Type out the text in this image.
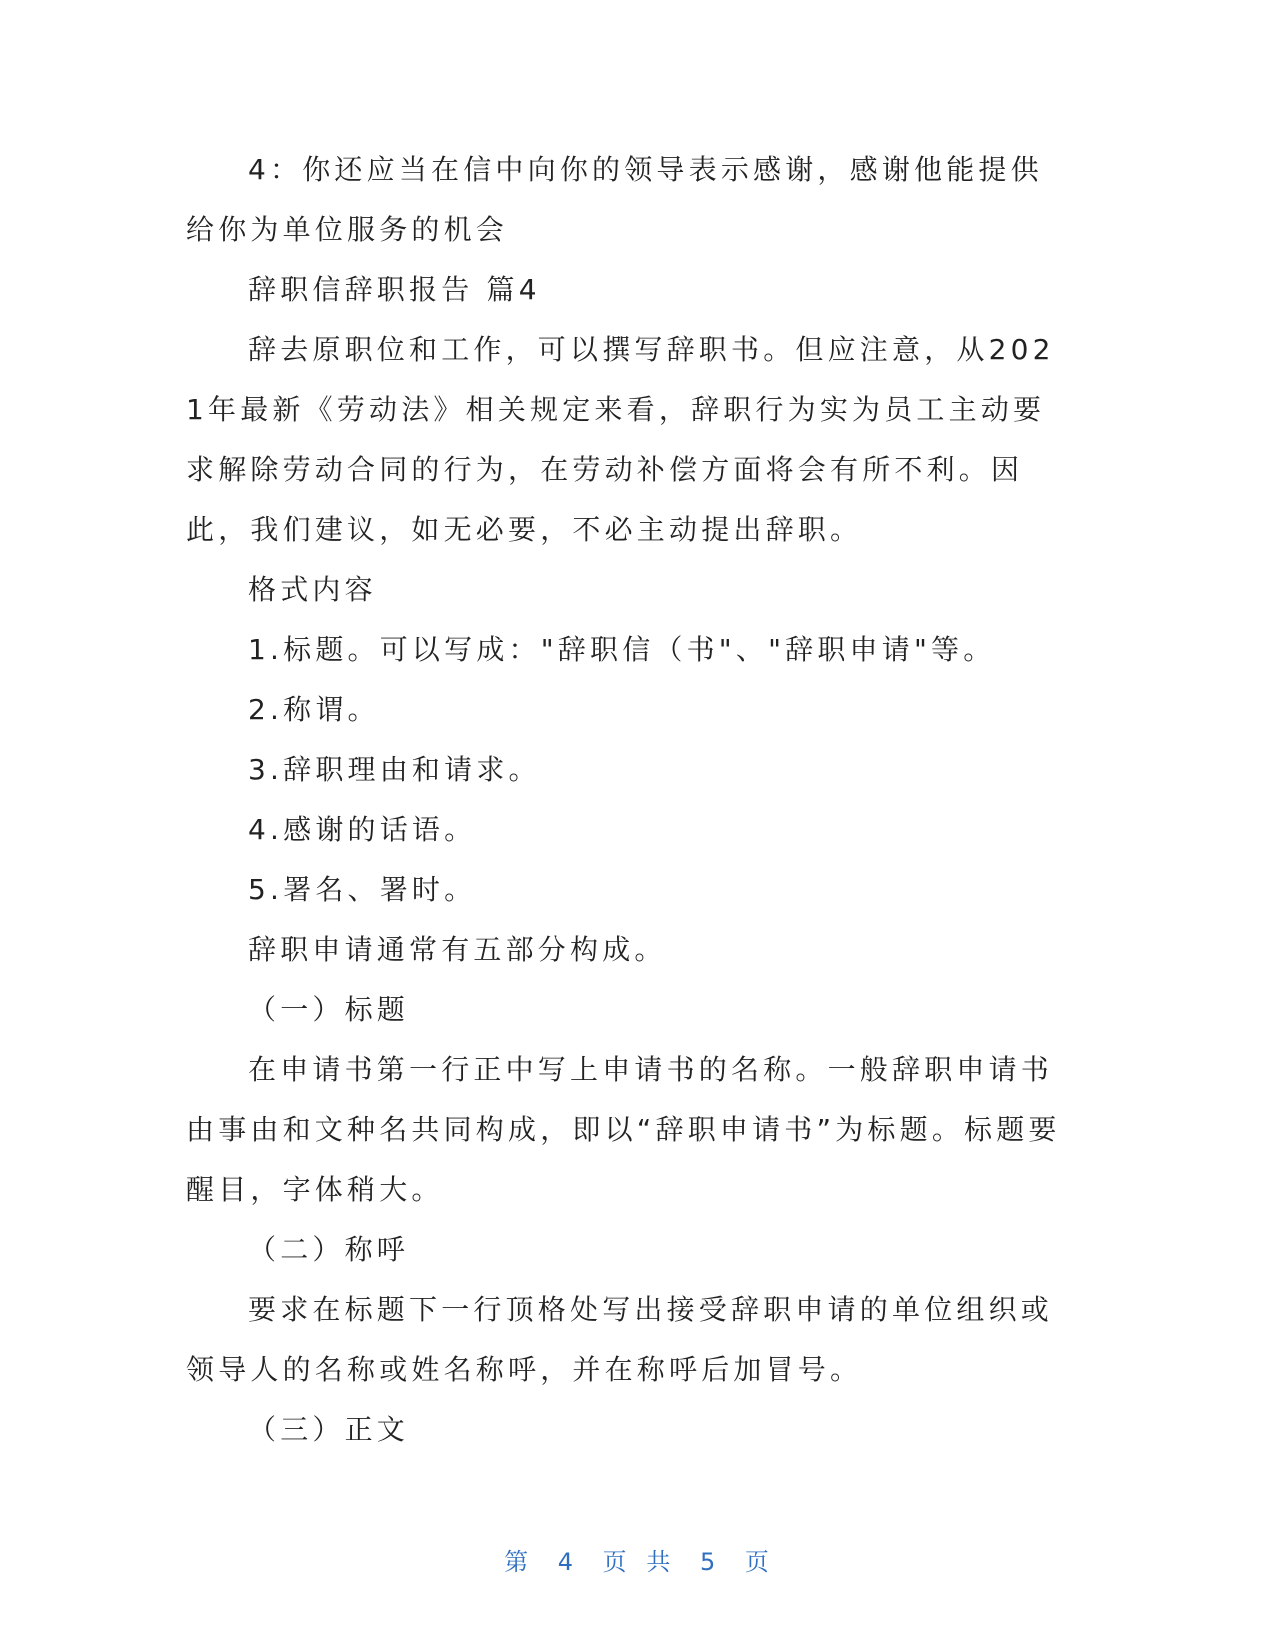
4：你还应当在信中向你的领导表示感谢，感谢他能提供给你为单位服务的机会

辞职信辞职报告 篇4

辞去原职位和工作，可以撰写辞职书。但应注意，从2021年最新《劳动法》相关规定来看，辞职行为实为员工主动要求解除劳动合同的行为，在劳动补偿方面将会有所不利。因此，我们建议，如无必要，不必主动提出辞职。

格式内容

1.标题。可以写成："辞职信（书"、"辞职申请"等。

2.称谓。

3.辞职理由和请求。

4.感谢的话语。

5.署名、署时。

辞职申请通常有五部分构成。

（一）标题

在申请书第一行正中写上申请书的名称。一般辞职申请书由事由和文种名共同构成，即以“辞职申请书”为标题。标题要醒目，字体稍大。

（二）称呼

要求在标题下一行顶格处写出接受辞职申请的单位组织或领导人的名称或姓名称呼，并在称呼后加冒号。

（三）正文

第 4 页 共 5 页
